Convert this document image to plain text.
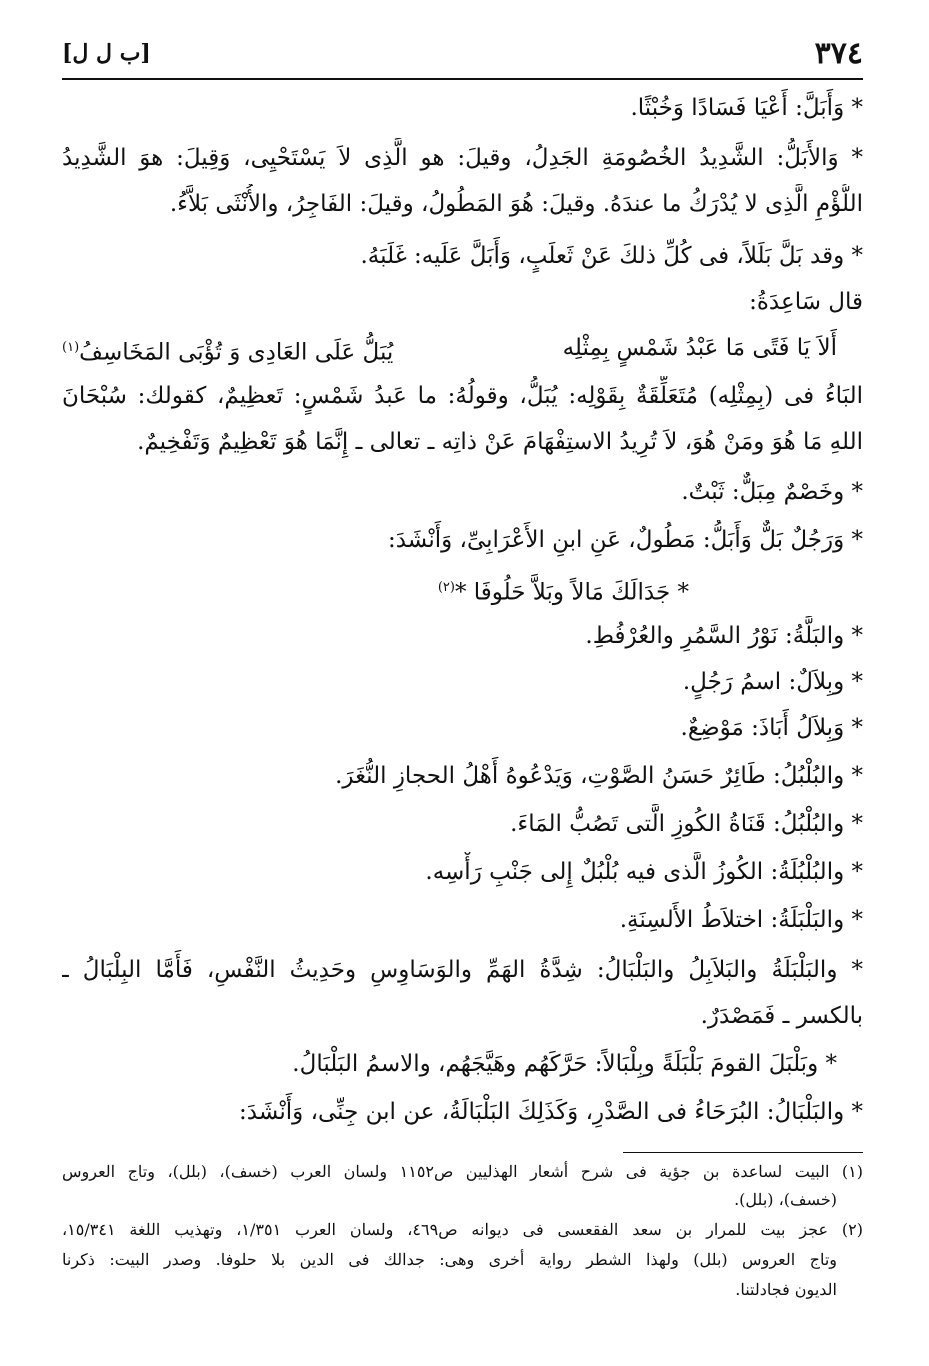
٣٧٤
[ب ل ل]
* وَأَبَلَّ: أَعْيَا فَسَادًا وَخُبْثًا.
* وَالأَبَلُّ: الشَّدِيدُ الخُصُومَةِ الجَدِلُ، وقيلَ: هو الَّذِى لاَ يَسْتَحْيِى، وَقِيلَ: هوَ الشَّدِيدُ
اللُّؤْمِ الَّذِى لا يُدْرَكُ ما عندَهُ. وقيلَ: هُوَ المَطُولُ، وقيلَ: الفَاجِرُ، والأُنْثَى بَلاَّءُ.
* وقد بَلَّ بَلَلاً، فى كُلِّ ذلكَ عَنْ ثَعلَبٍ، وَأَبَلَّ عَلَيه: غَلَبَهُ.
قال سَاعِدَةُ:
أَلاَ يَا فَتًى مَا عَبْدُ شَمْسٍ بِمِثْلِه
يُبَلُّ عَلَى العَادِى وَ تُؤْبَى المَخَاسِفُ$^{(١)}$
البَاءُ فى (بِمِثْلِه) مُتَعَلِّقَةٌ بِقَوْلِه: يُبَلُّ، وقولُهُ: ما عَبدُ شَمْسٍ: تَعظِيمٌ، كقولك: سُبْحَانَ
اللهِ مَا هُوَ ومَنْ هُوَ، لاَ تُرِيدُ الاستِفْهَامَ عَنْ ذاتِه ـ تعالى ـ إِنَّمَا هُوَ تَعْظِيمٌ وَتَفْخِيمٌ.
* وخَصْمٌ مِبَلٌّ: ثَبْتٌ.
* وَرَجُلٌ بَلٌّ وَأَبَلُّ: مَطُولٌ، عَنِ ابنِ الأَعْرَابِىِّ، وَأَنْشَدَ:
* جَدَالَكَ مَالاً وبَلاَّ حَلُوفَا *$^{(٢)}$
* والبَلَّةُ: نَوْرُ السَّمُرِ والعُرْفُطِ.
* وبِلاَلٌ: اسمُ رَجُلٍ.
* وَبِلاَلُ أَبَاذَ: مَوْضِعٌ.
* والبُلْبُلُ: طَائِرٌ حَسَنُ الصَّوْتِ، وَيَدْعُوهُ أَهْلُ الحجازِ النُّغَرَ.
* والبُلْبُلُ: قَنَاةُ الكُوزِ الَّتى تَصُبُّ المَاءَ.
* والبُلْبُلَةُ: الكُوزُ الَّذى فيه بُلْبُلٌ إِلى جَنْبِ رَأْسِه.
* والبَلْبَلَةُ: اختلاَطُ الأَلسِنَةِ.
* والبَلْبَلَةُ والبَلاَبِلُ والبَلْبَالُ: شِدَّةُ الهَمِّ والوَسَاوِسِ وحَدِيثُ النَّفْسِ، فَأَمَّا البِلْبَالُ ـ
بالكسر ـ فَمَصْدَرٌ.
* وبَلْبَلَ القومَ بَلْبَلَةً وبِلْبَالاً: حَرَّكَهُم وهَيَّجَهُم، والاسمُ البَلْبَالُ.
* والبَلْبَالُ: البُرَحَاءُ فى الصَّدْرِ، وَكَذَلِكَ البَلْبَالَةُ، عن ابن جِنِّى، وَأَنْشَدَ:
(١) البيت لساعدة بن جؤية فى شرح أشعار الهذليين ص١١٥٢ ولسان العرب (خسف)، (بلل)، وتاج العروس
(خسف)، (بلل).
(٢) عجز بيت للمرار بن سعد الفقعسى فى ديوانه ص٤٦٩، ولسان العرب ١/٣٥١، وتهذيب اللغة ١٥/٣٤١،
وتاج العروس (بلل) ولهذا الشطر رواية أخرى وهى: جدالك فى الدين بلا حلوفا. وصدر البيت: ذكرنا
الديون فجادلتنا.
